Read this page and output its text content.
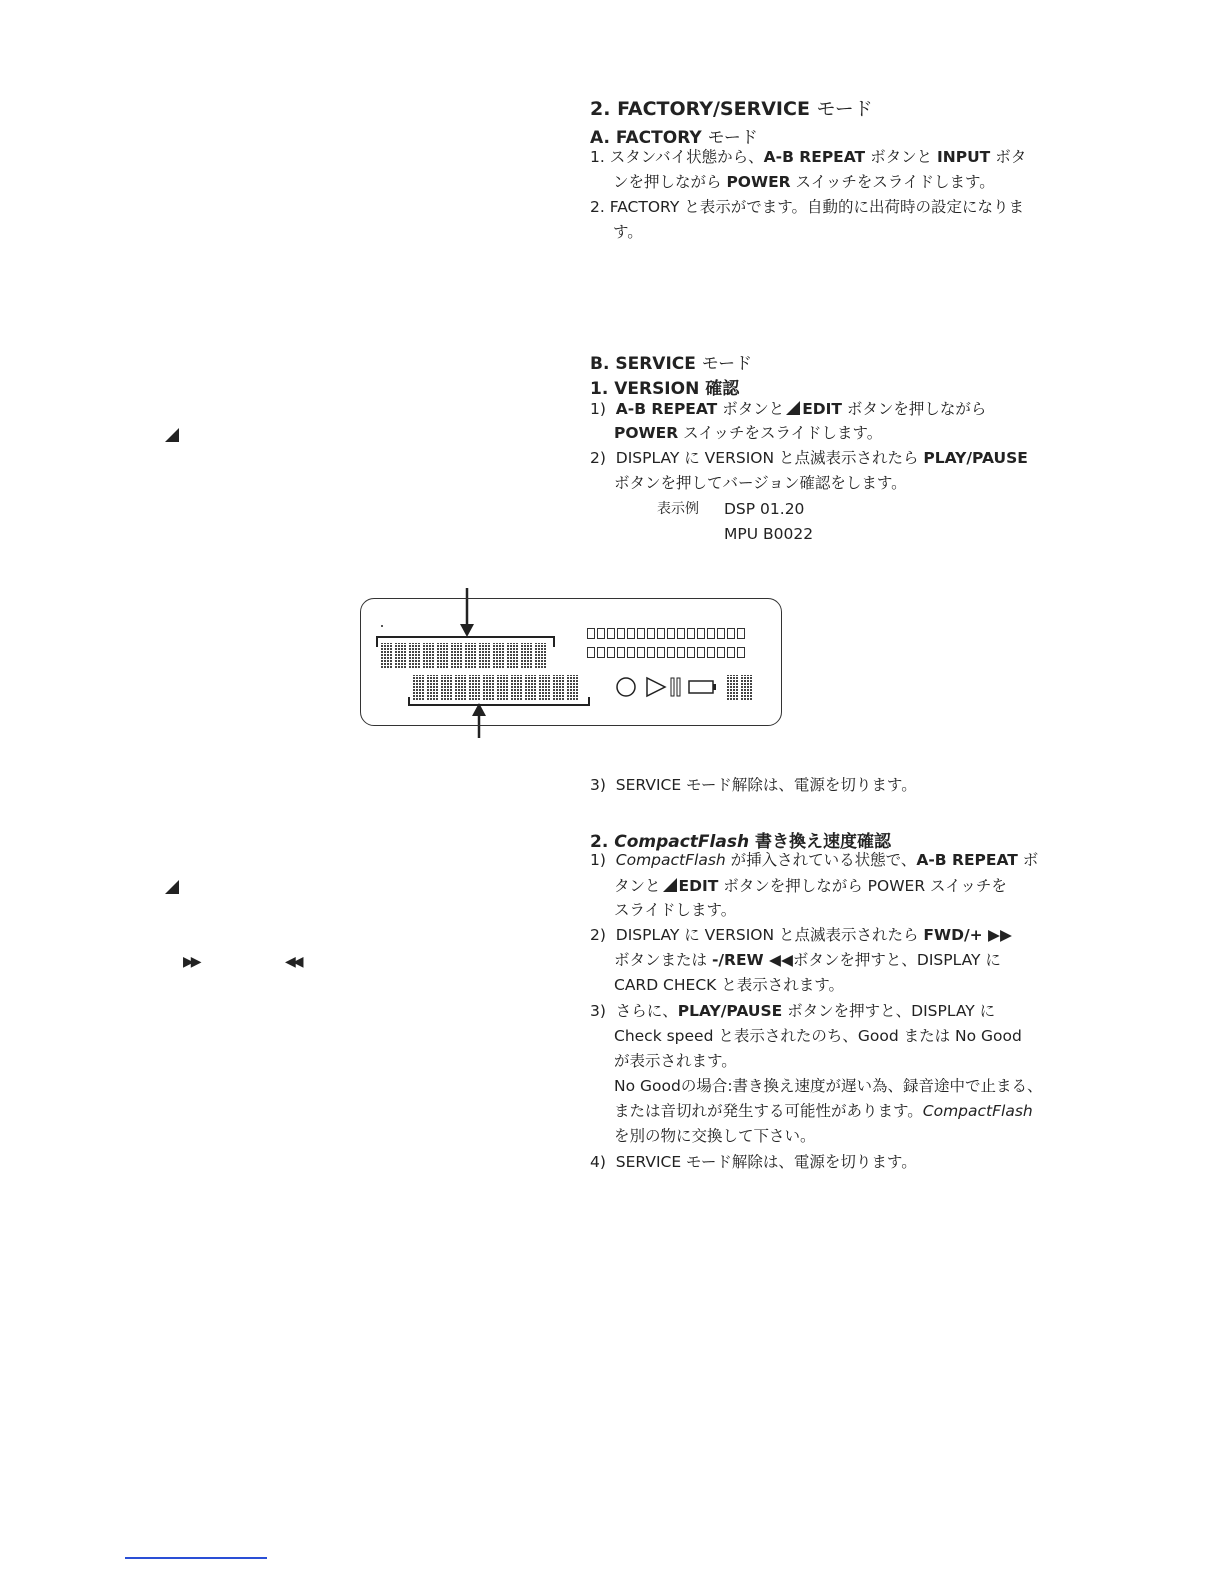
2. FACTORY/SERVICE モード
A. FACTORY モード
1. スタンバイ状態から、A-B REPEAT ボタンと INPUT ボタ
ンを押しながら POWER スイッチをスライドします。
2. FACTORY と表示がでます。自動的に出荷時の設定になりま
す。
B. SERVICE モード
1. VERSION 確認
1) A-B REPEAT ボタンと EDIT ボタンを押しながら
POWER スイッチをスライドします。
2) DISPLAY に VERSION と点滅表示されたら PLAY/PAUSE
ボタンを押してバージョン確認をします。
表示例 DSP 01.20
MPU B0022
▶▶	◀◀
3) SERVICE モード解除は、電源を切ります。
2. CompactFlash 書き換え速度確認
1) CompactFlash が挿入されている状態で、A-B REPEAT ボ
タンと EDIT ボタンを押しながら POWER スイッチを
スライドします。
2) DISPLAY に VERSION と点滅表示されたら FWD/+ ▶▶
ボタンまたは -/REW ◀◀ボタンを押すと、DISPLAY に
CARD CHECK と表示されます。
3) さらに、PLAY/PAUSE ボタンを押すと、DISPLAY に
Check speed と表示されたのち、Good または No Good
が表示されます。
No Goodの場合:書き換え速度が遅い為、録音途中で止まる、
または音切れが発生する可能性があります。CompactFlash
を別の物に交換して下さい。
4) SERVICE モード解除は、電源を切ります。
